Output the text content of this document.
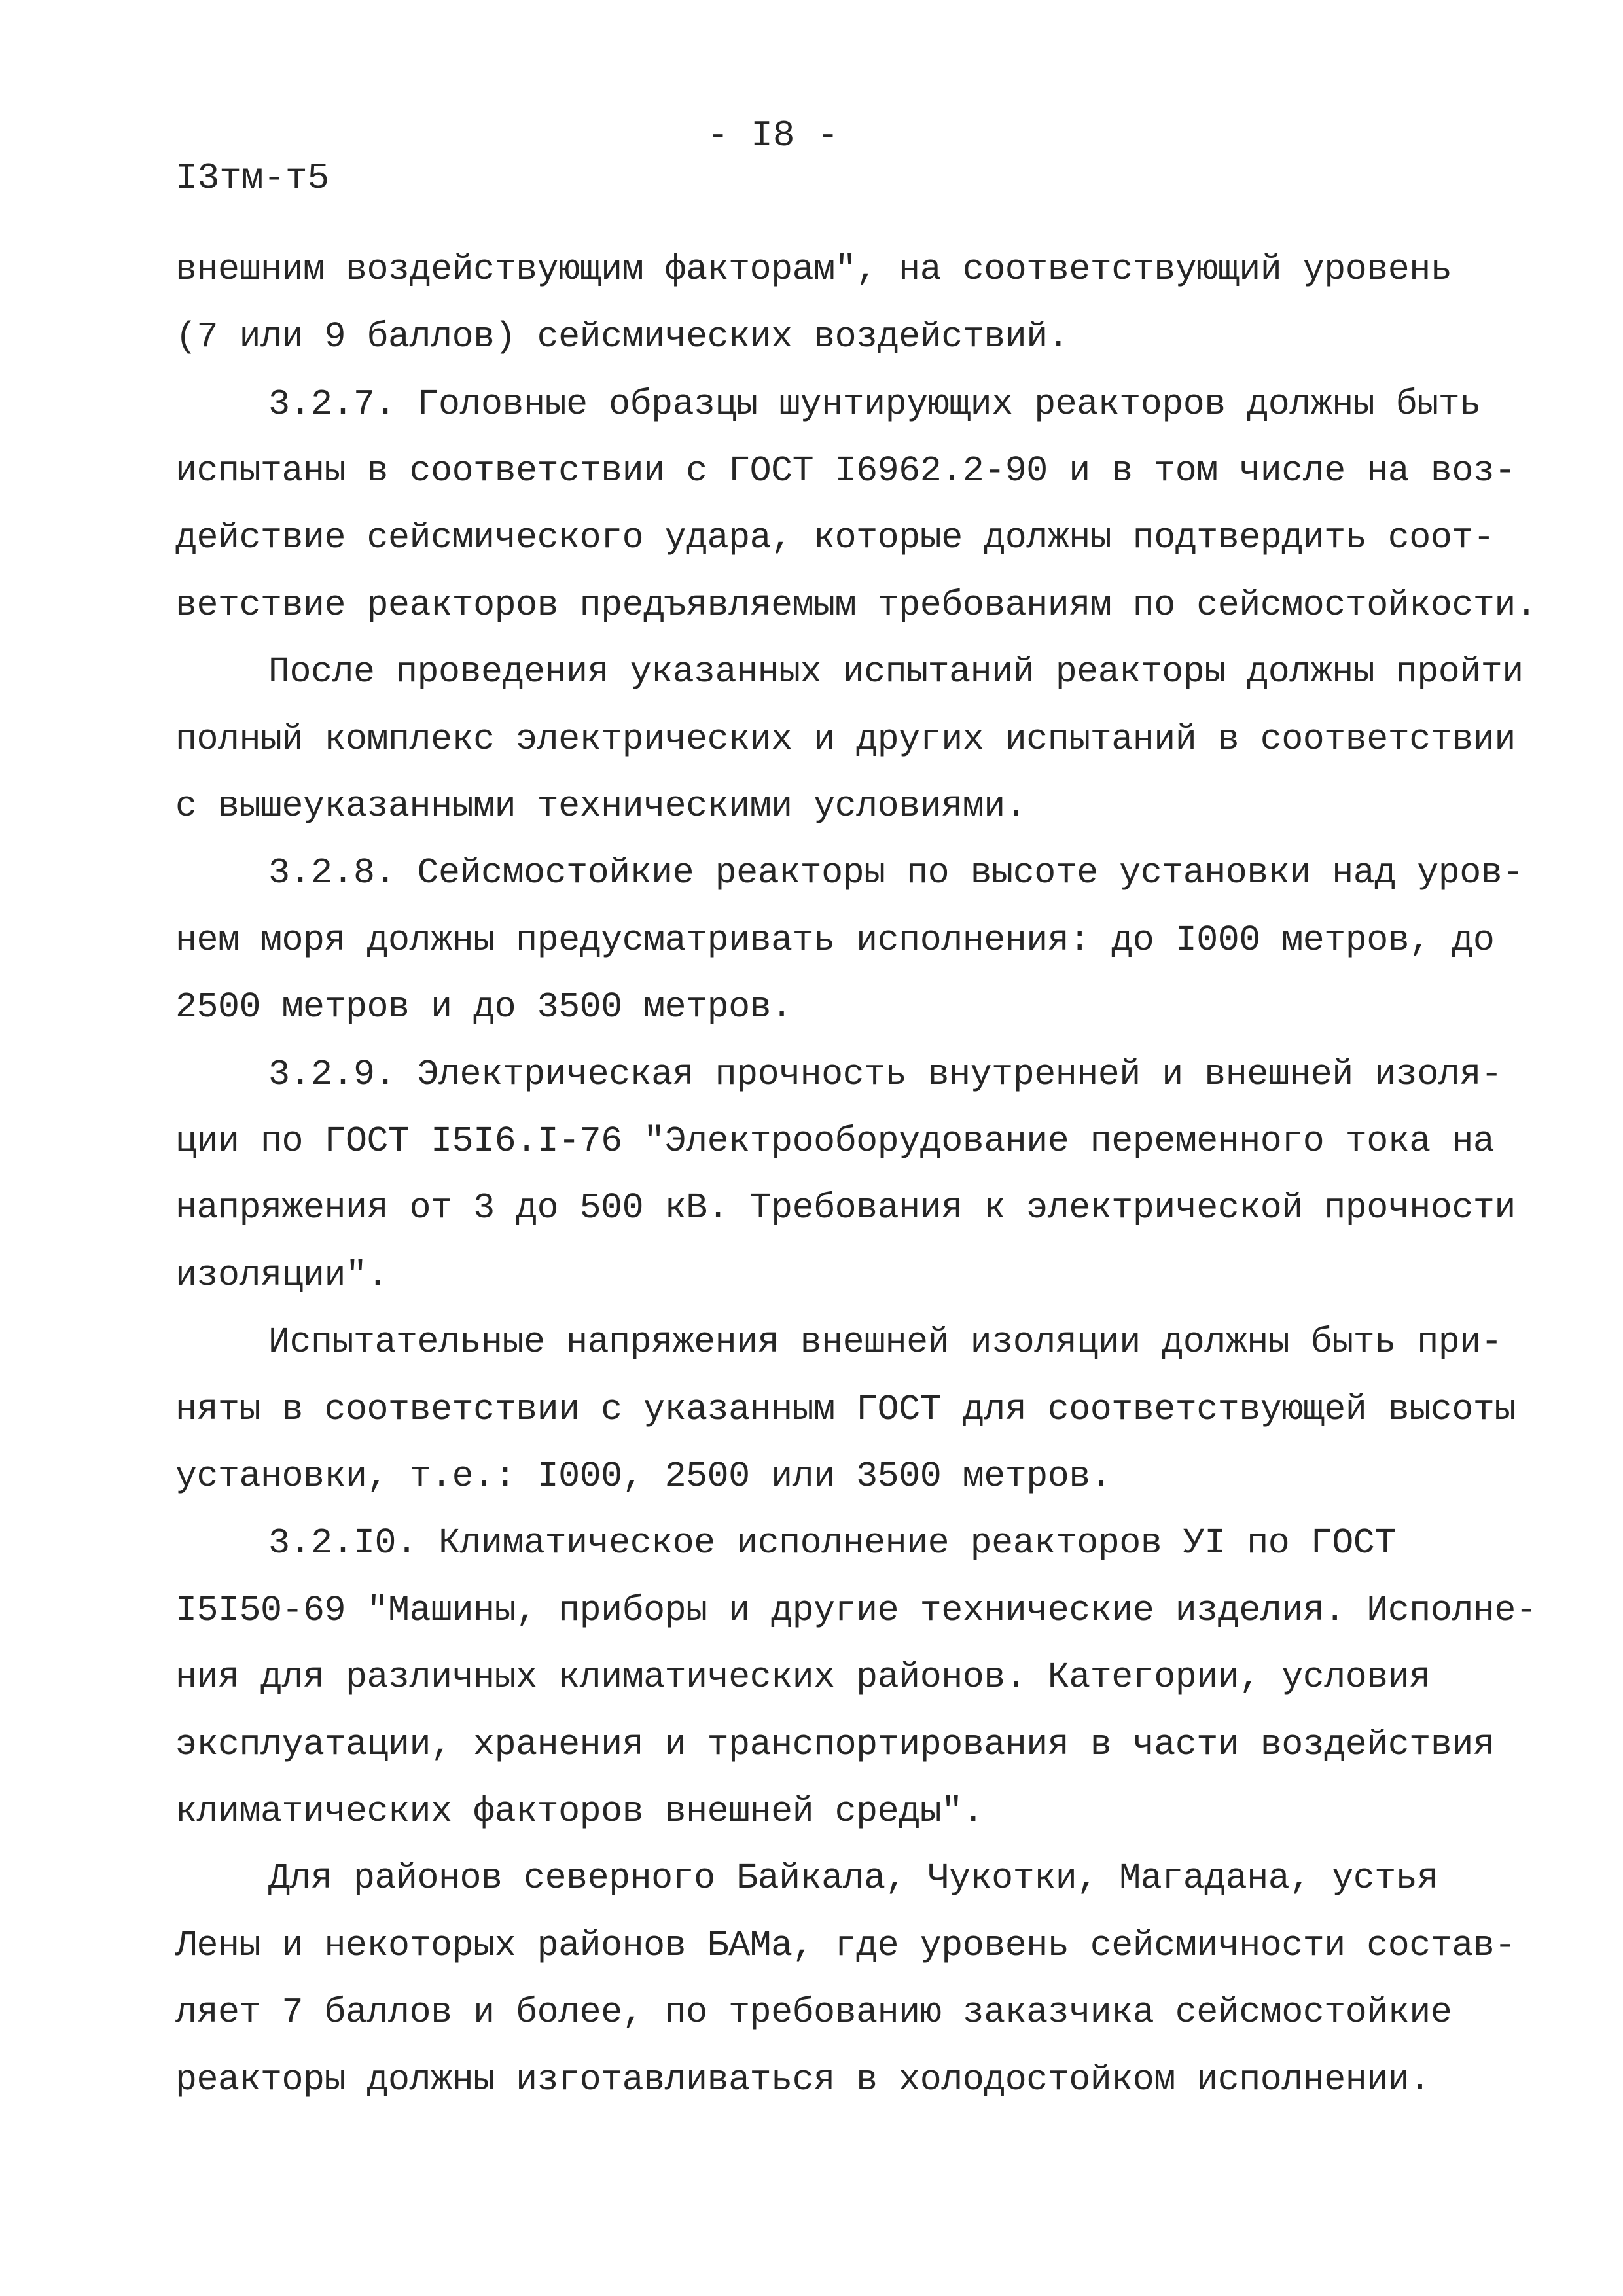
- I8 -
I3тм-т5
внешним воздействующим факторам", на соответствующий уровень
(7 или 9 баллов) сейсмических воздействий.
3.2.7. Головные образцы шунтирующих реакторов должны быть
испытаны в соответствии с ГОСТ I6962.2-90 и в том числе на воз-
действие сейсмического удара, которые должны подтвердить соот-
ветствие реакторов предъявляемым требованиям по сейсмостойкости.
После проведения указанных испытаний реакторы должны пройти
полный комплекс электрических и других испытаний в соответствии
с вышеуказанными техническими условиями.
3.2.8. Сейсмостойкие реакторы по высоте установки над уров-
нем моря должны предусматривать исполнения: до I000 метров, до
2500 метров и до 3500 метров.
3.2.9. Электрическая прочность внутренней и внешней изоля-
ции по ГОСТ I5I6.I-76 "Электрооборудование переменного тока на
напряжения от 3 до 500 кВ. Требования к электрической прочности
изоляции".
Испытательные напряжения внешней изоляции должны быть при-
няты в соответствии с указанным ГОСТ для соответствующей высоты
установки, т.е.: I000, 2500 или 3500 метров.
3.2.I0. Климатическое исполнение реакторов УI по ГОСТ
I5I50-69 "Машины, приборы и другие технические изделия. Исполне-
ния для различных климатических районов. Категории, условия
эксплуатации, хранения и транспортирования в части воздействия
климатических факторов внешней среды".
Для районов северного Байкала, Чукотки, Магадана, устья
Лены и некоторых районов БАМа, где уровень сейсмичности состав-
ляет 7 баллов и более, по требованию заказчика сейсмостойкие
реакторы должны изготавливаться в холодостойком исполнении.
